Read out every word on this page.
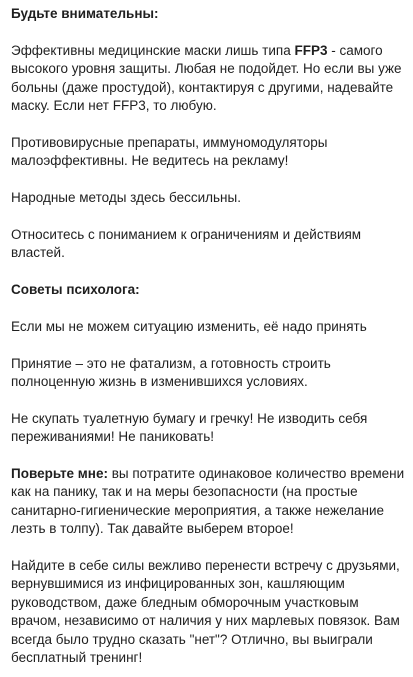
Будьте внимательны:

Эффективны медицинские маски лишь типа FFP3 - самого высокого уровня защиты. Любая не подойдет. Но если вы уже больны (даже простудой), контактируя с другими, надевайте маску. Если нет FFP3, то любую.

Противовирусные препараты, иммуномодуляторы малоэффективны. Не ведитесь на рекламу!

Народные методы здесь бессильны.

Относитесь с пониманием к ограничениям и действиям властей.

Советы психолога:

Если мы не можем ситуацию изменить, её надо принять

Принятие – это не фатализм, а готовность строить полноценную жизнь в изменившихся условиях.

Не скупать туалетную бумагу и гречку! Не изводить себя переживаниями! Не паниковать!

Поверьте мне: вы потратите одинаковое количество времени как на панику, так и на меры безопасности (на простые санитарно-гигиенические мероприятия, а также нежелание лезть в толпу). Так давайте выберем второе!

Найдите в себе силы вежливо перенести встречу с друзьями, вернувшимися из инфицированных зон, кашляющим руководством, даже бледным обморочным участковым врачом, независимо от наличия у них марлевых повязок. Вам всегда было трудно сказать "нет"? Отлично, вы выиграли бесплатный тренинг!
